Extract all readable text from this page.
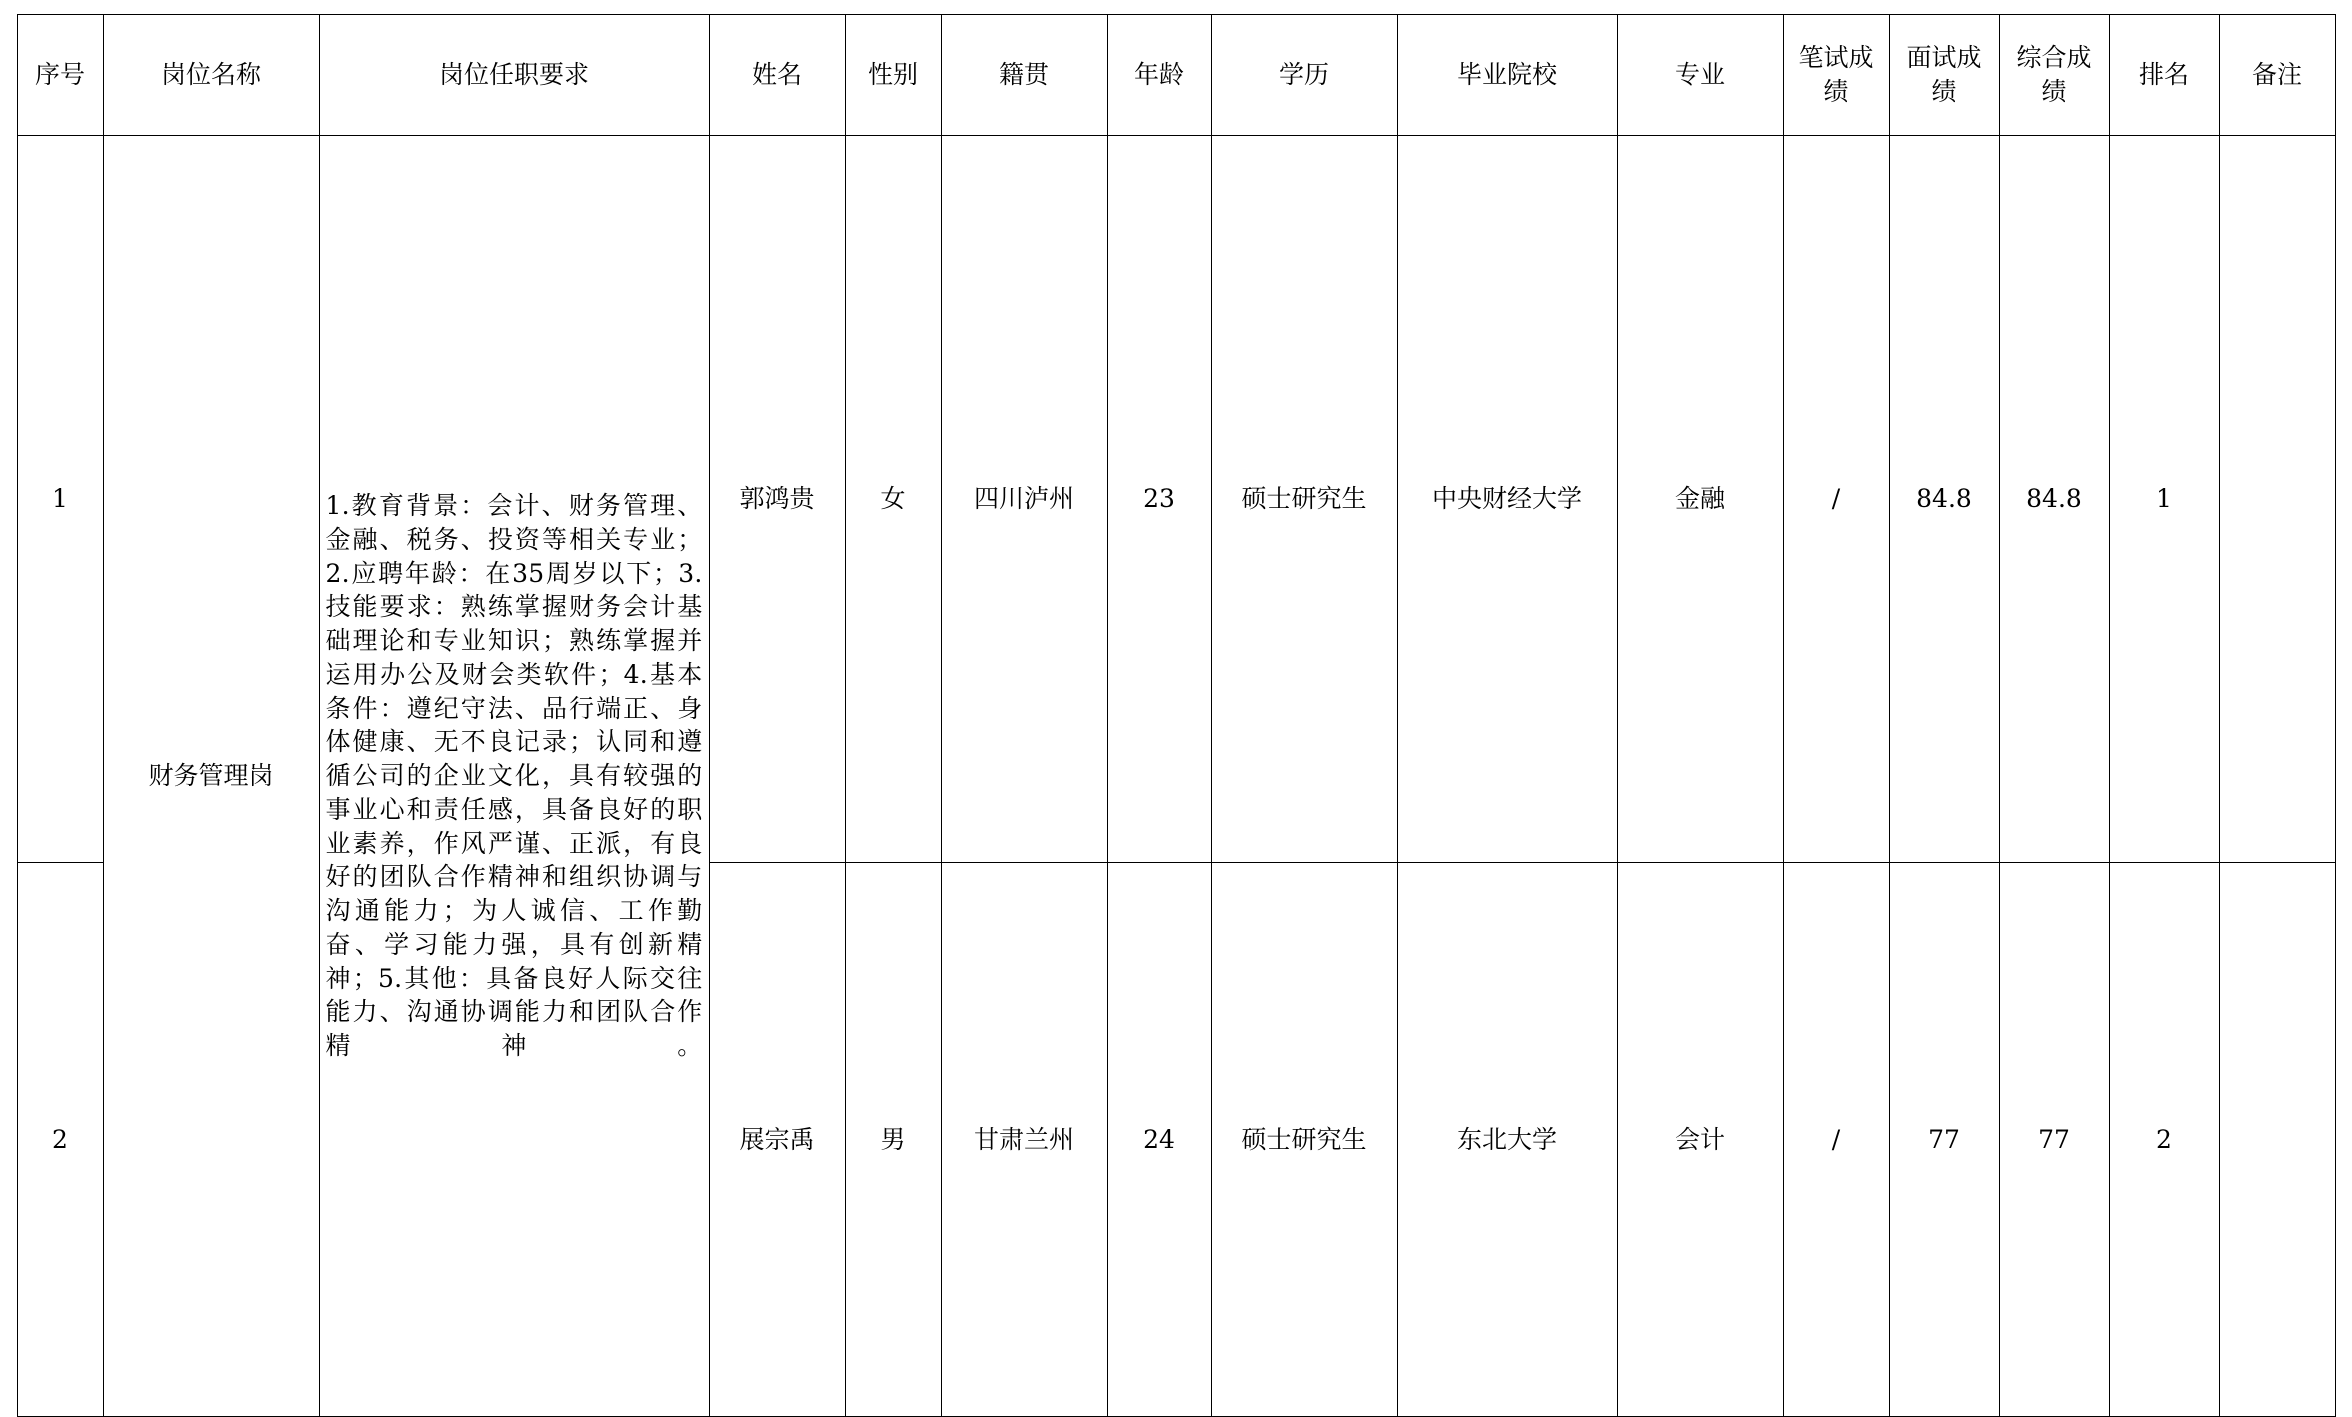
序号	岗位名称	岗位任职要求	姓名	性别	籍贯	年龄	学历	毕业院校	专业	笔试成绩	面试成绩	综合成绩	排名	备注
1	财务管理岗	1.教育背景：会计、财务管理、金融、税务、投资等相关专业；2.应聘年龄：在35周岁以下；3.技能要求：熟练掌握财务会计基础理论和专业知识；熟练掌握并运用办公及财会类软件；4.基本条件：遵纪守法、品行端正、身体健康、无不良记录；认同和遵循公司的企业文化，具有较强的事业心和责任感，具备良好的职业素养，作风严谨、正派，有良好的团队合作精神和组织协调与沟通能力；为人诚信、工作勤奋、学习能力强，具有创新精神；5.其他：具备良好人际交往能力、沟通协调能力和团队合作精神。	郭鸿贵	女	四川泸州	23	硕士研究生	中央财经大学	金融	/	84.8	84.8	1	
2			展宗禹	男	甘肃兰州	24	硕士研究生	东北大学	会计	/	77	77	2	
